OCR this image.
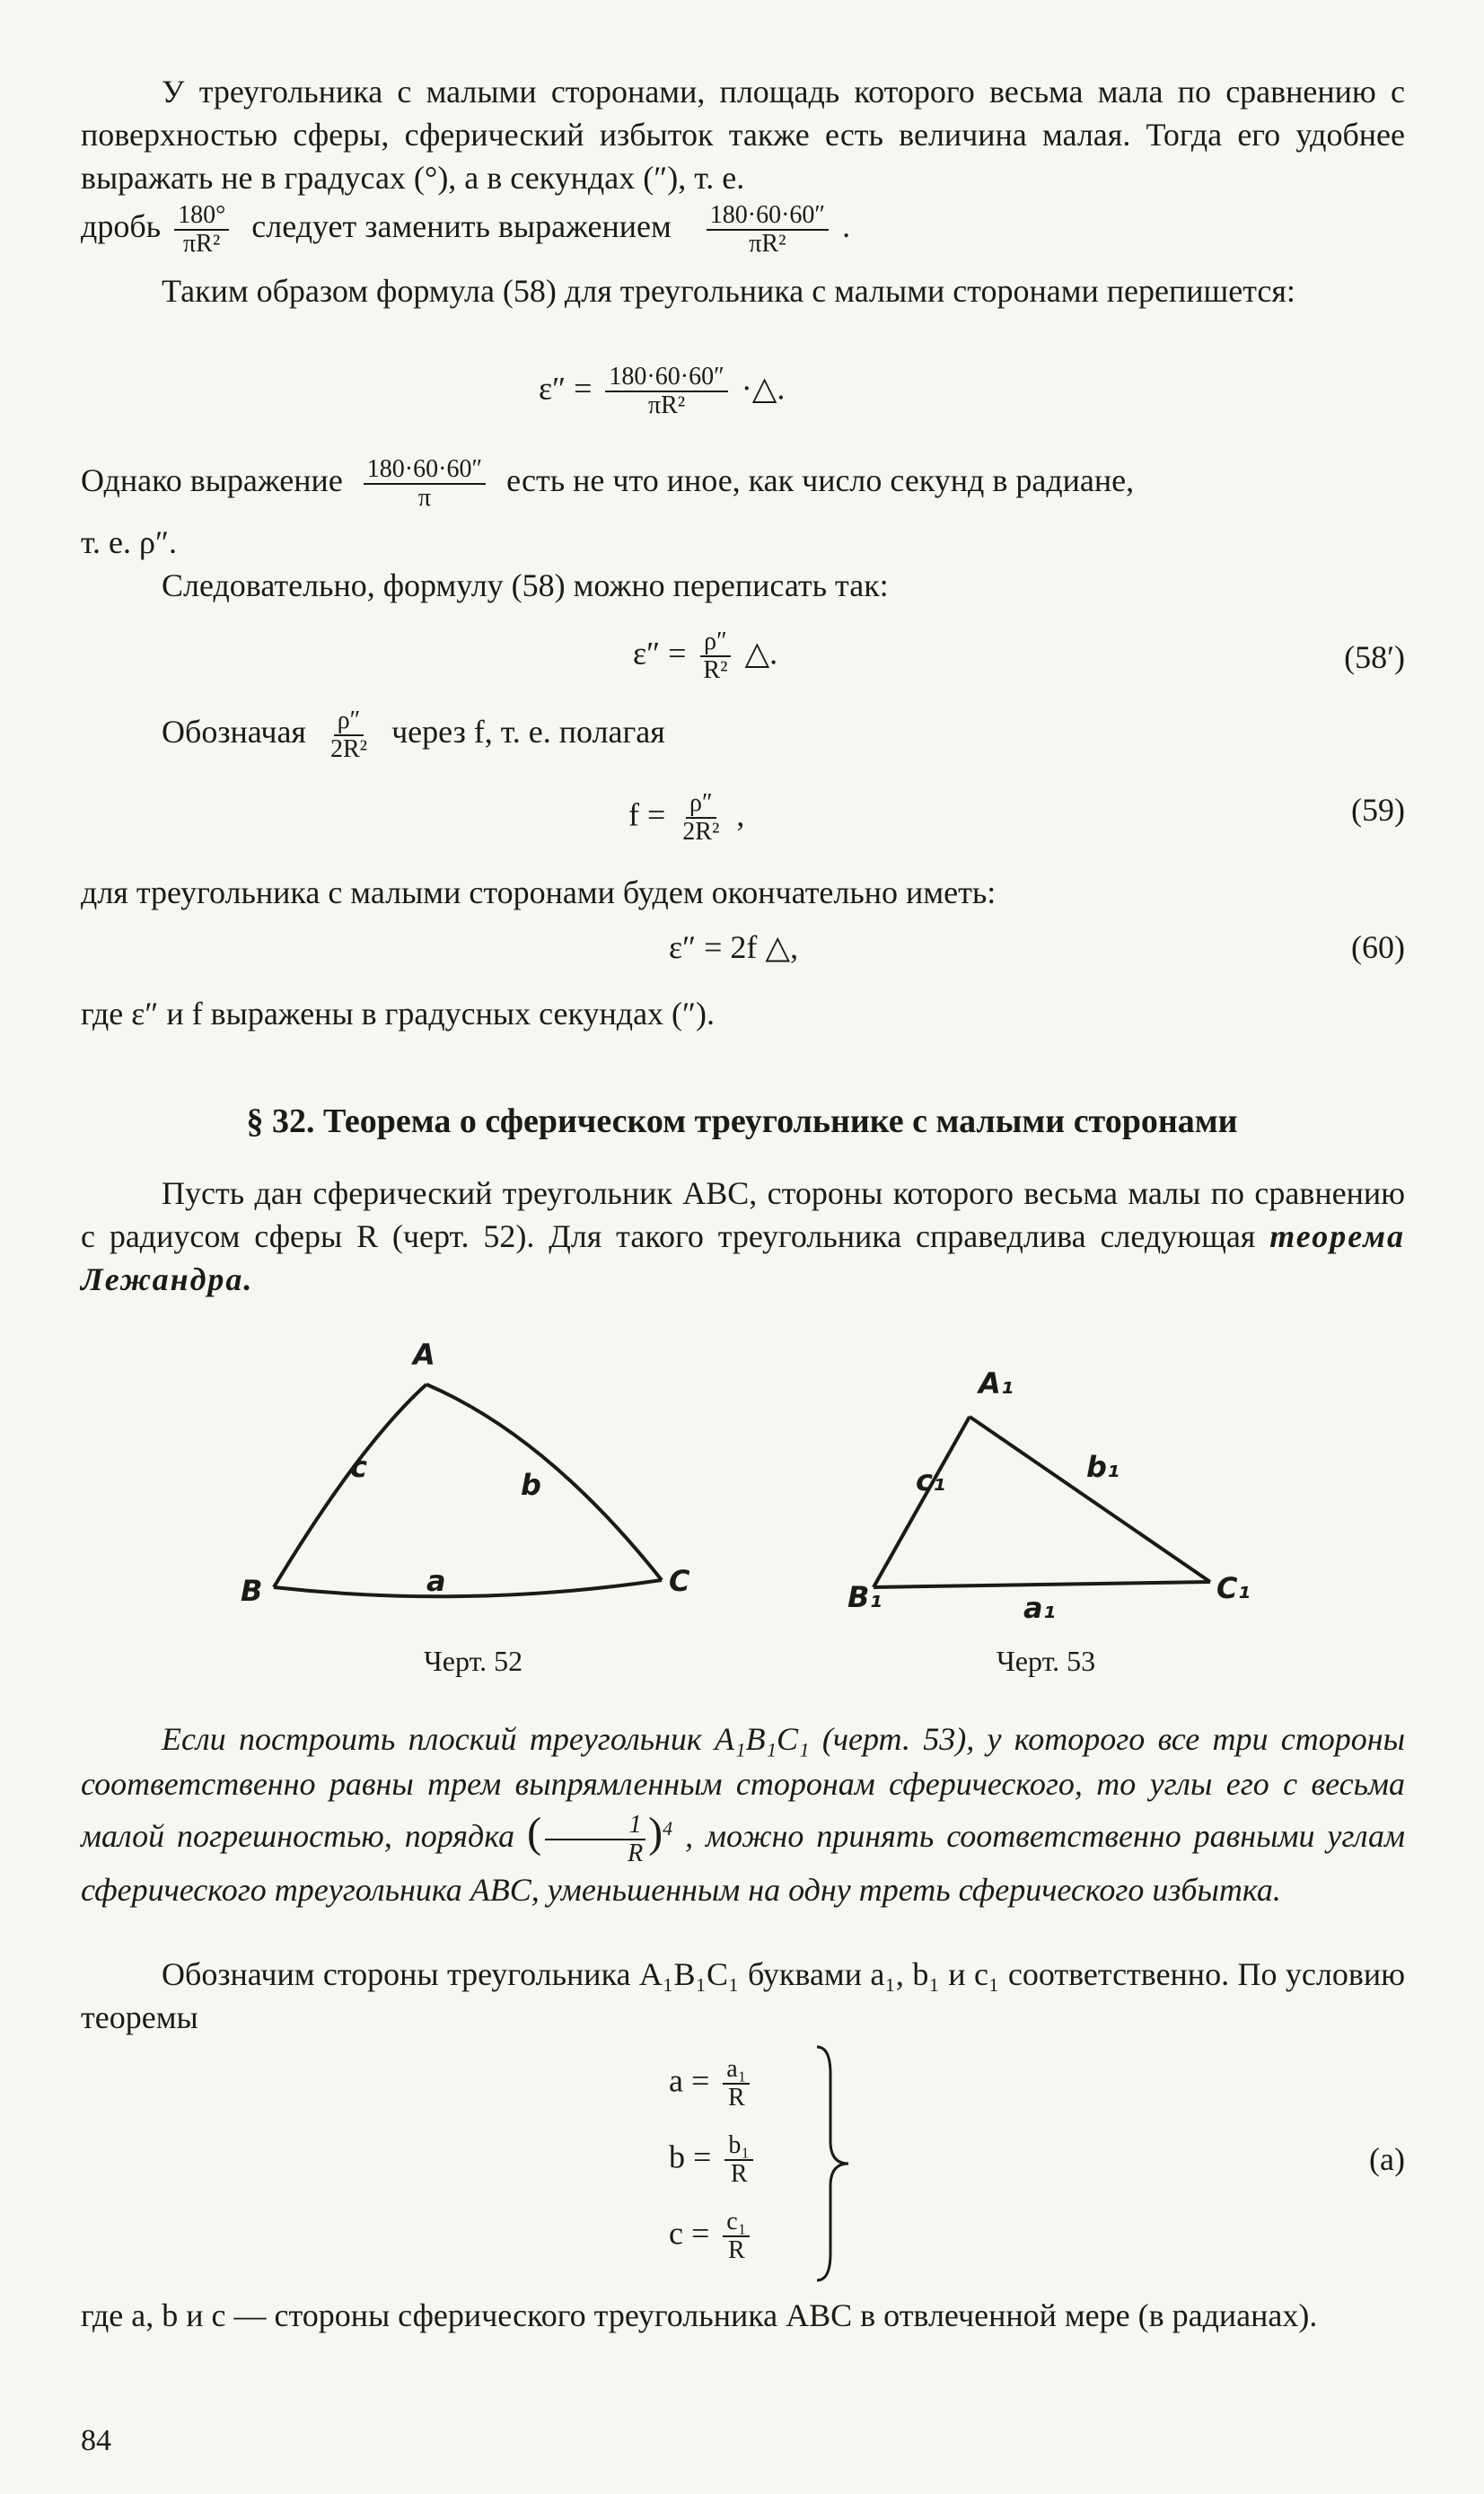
У треугольника с малыми сторонами, площадь которого весьма мала по сравнению с поверхностью сферы, сферический избыток также есть величина малая. Тогда его удобнее выражать не в градусах (°), а в секундах (″), т. е.
дробь $\frac{180^\circ}{\text{πR²}}$ следует заменить выражением $\frac{180\cdot 60\cdot 60''}{\text{πR²}}$ .
Таким образом формула (58) для треугольника с малыми сторонами перепишется:
$\varepsilon'' = \frac{180\cdot 60\cdot 60''}{\text{πR²}}$ ·△.
Однако выражение $\frac{180\cdot 60\cdot 60''}{\pi}$ есть не что иное, как число секунд в радиане,
т. е. ρ″.
Следовательно, формулу (58) можно переписать так:
$\varepsilon'' = \frac{\rho''}{\text{R²}}$ △.	(58′)
Обозначая $\frac{\rho''}{\text{2R²}}$ через f, т. е. полагая
$f = \frac{\rho''}{\text{2R²}}$ ,	(59)
для треугольника с малыми сторонами будем окончательно иметь:
ε″ = 2f △,	(60)
где ε″ и f выражены в градусных секундах (″).
§ 32. Теорема о сферическом треугольнике с малыми сторонами
Пусть дан сферический треугольник ABC, стороны которого весьма малы по сравнению с радиусом сферы R (черт. 52). Для такого треугольника справедлива следующая теорема Лежандра.
A
B	C
a
b
c
Черт. 52
A₁
B₁	C₁
a₁
b₁
c₁
Черт. 53
Если построить плоский треугольник A₁B₁C₁ (черт. 53), у которого все три стороны соответственно равны трем выпрямленным сторонам сферического, то углы его с весьма малой погрешностью, порядка ( $\frac{1}{R} )^4$ , можно принять соответственно равными углам сферического треугольника ABC, уменьшенным на одну треть сферического избытка.
Обозначим стороны треугольника A₁B₁C₁ буквами a₁, b₁ и c₁ соответственно. По условию теоремы
$a = \frac{\text{a₁}}{R}$
$b = \frac{\text{b₁}}{R}$
$c = \frac{\text{c₁}}{R}$
(a)
где a, b и c — стороны сферического треугольника ABC в отвлеченной мере (в радианах).
84
